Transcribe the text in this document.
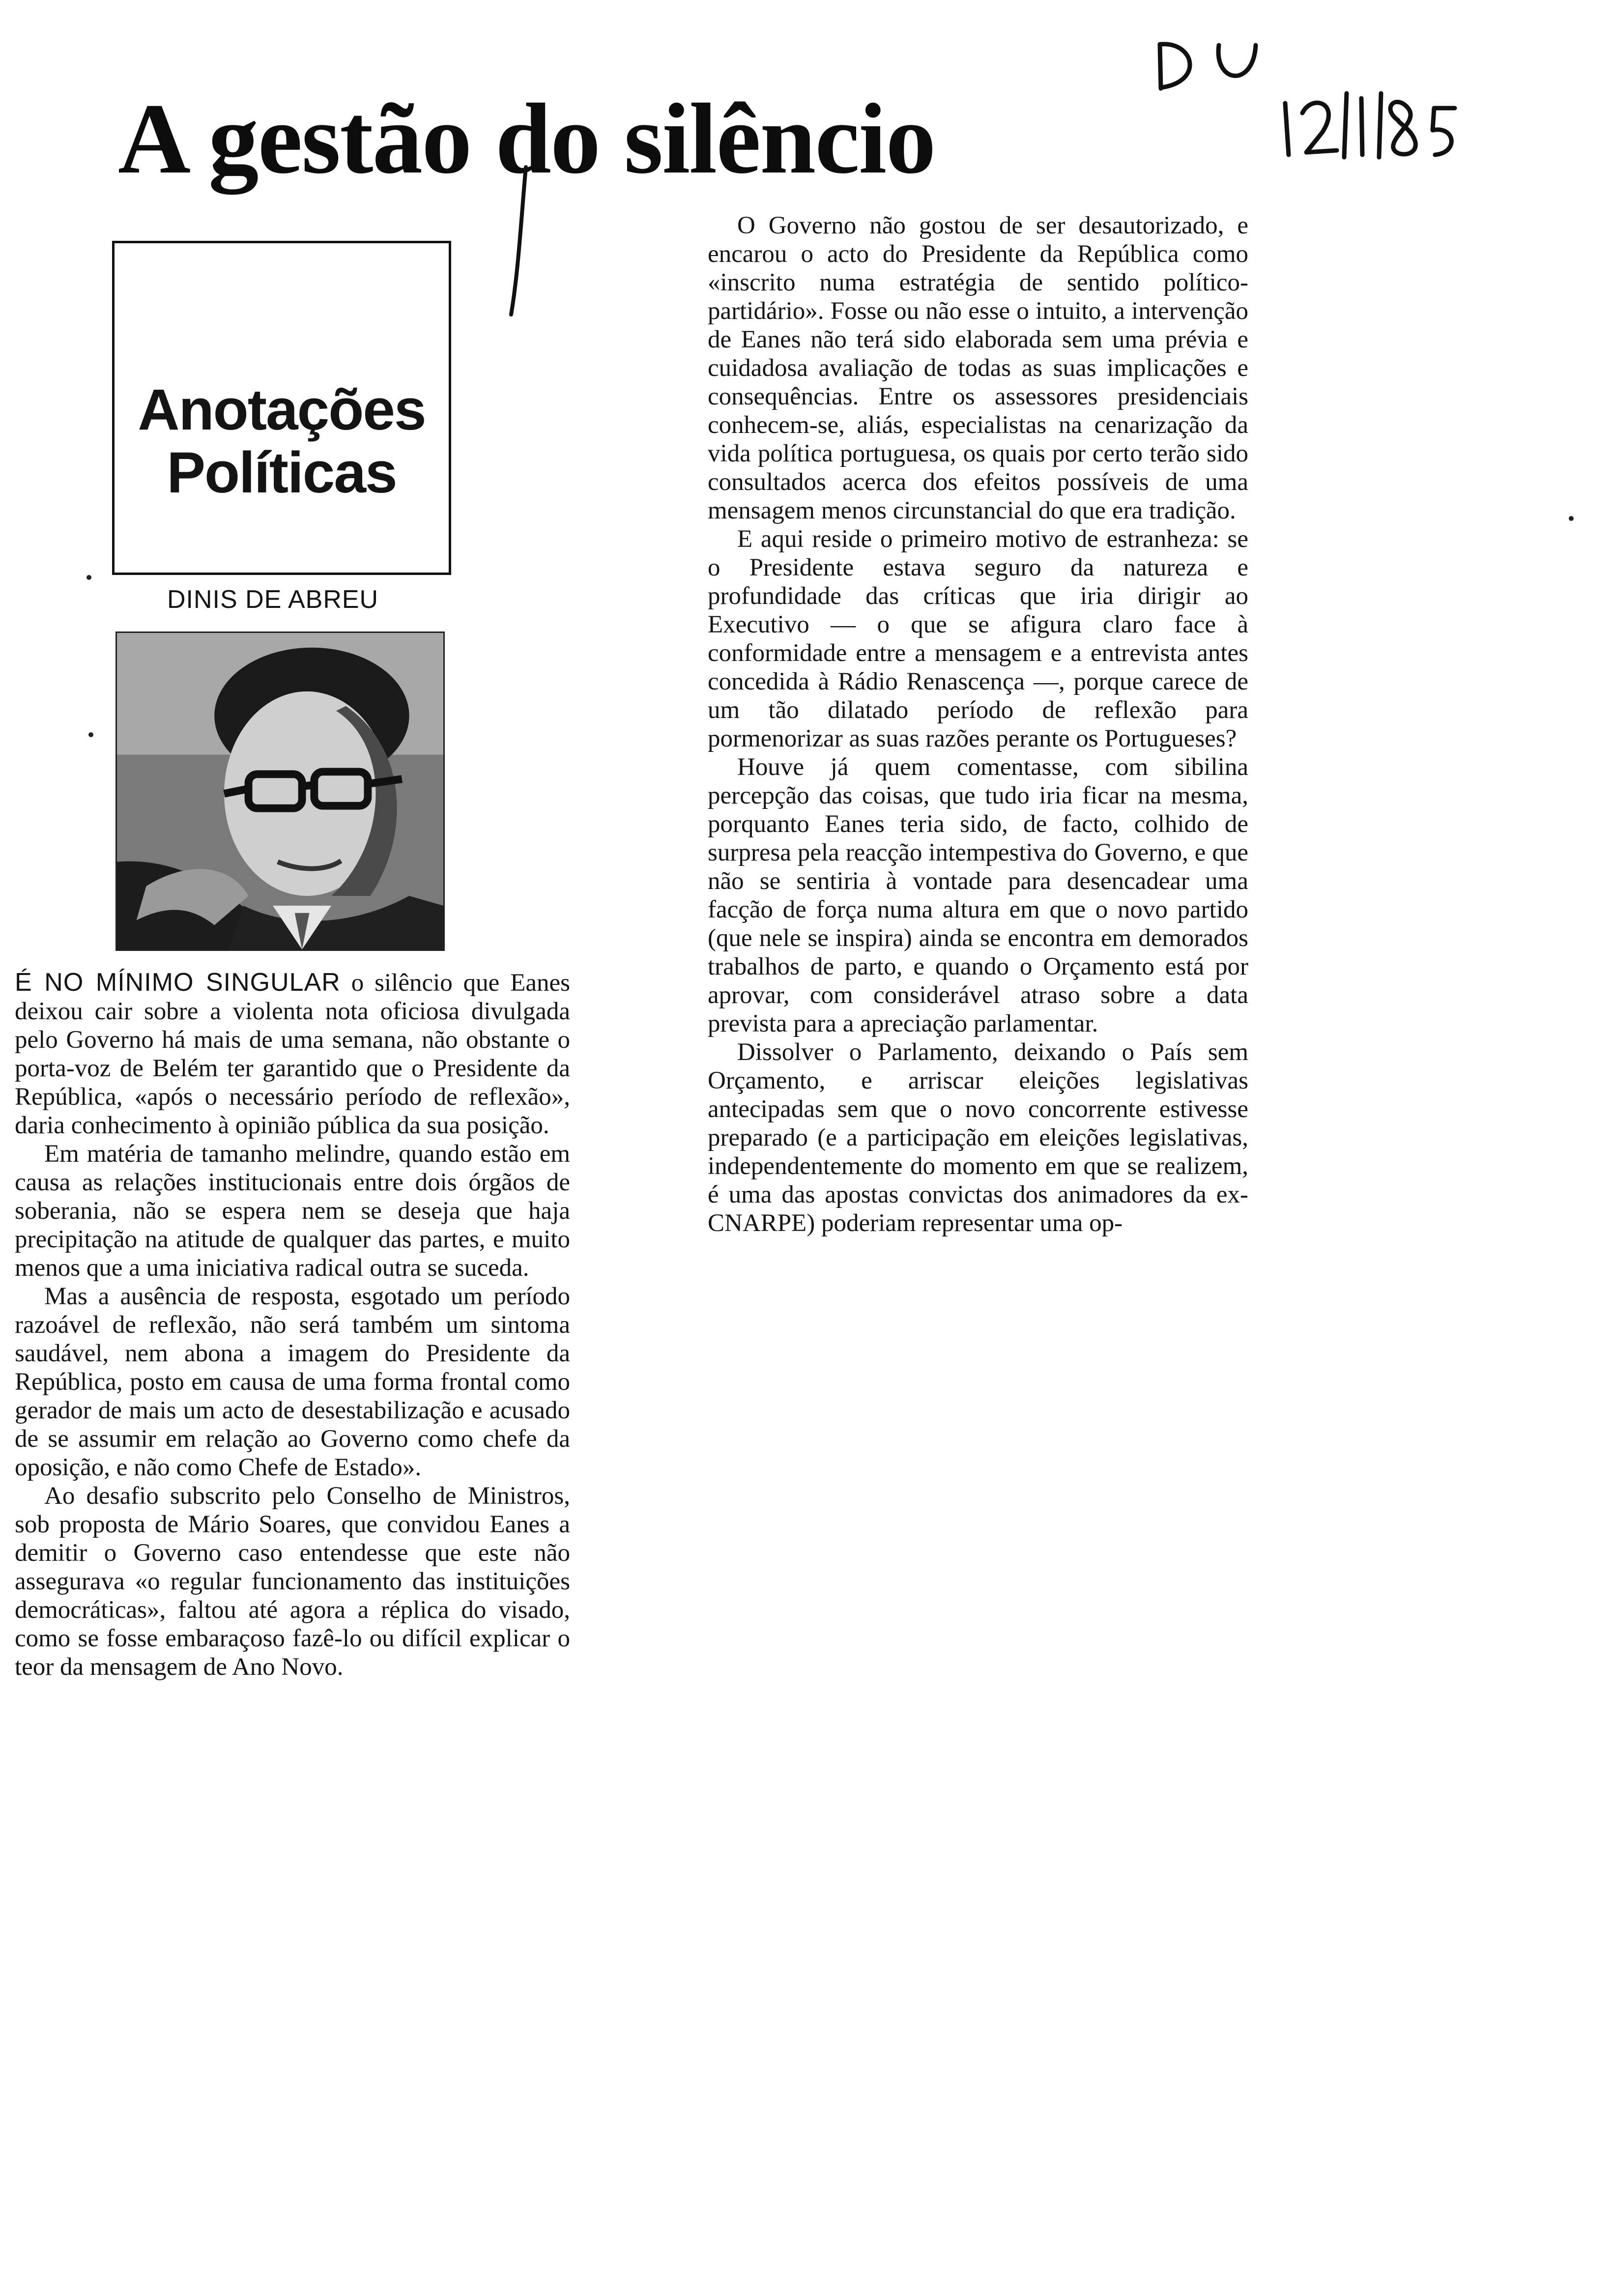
A gestão do silêncio
Anotações
Políticas
DINIS DE ABREU

É NO MÍNIMO SINGULAR o silêncio que Eanes deixou cair sobre a violenta nota oficiosa divulgada pelo Governo há mais de uma semana, não obstante o porta-voz de Belém ter garantido que o Presidente da República, «após o necessário período de reflexão», daria conhecimento à opinião pública da sua posição.

Em matéria de tamanho melindre, quando estão em causa as relações institucionais entre dois órgãos de soberania, não se espera nem se deseja que haja precipitação na atitude de qualquer das partes, e muito menos que a uma iniciativa radical outra se suceda.

Mas a ausência de resposta, esgotado um período razoável de reflexão, não será também um sintoma saudável, nem abona a imagem do Presidente da República, posto em causa de uma forma frontal como gerador de mais um acto de desestabilização e acusado de se assumir em relação ao Governo como chefe da oposição, e não como Chefe de Estado».

Ao desafio subscrito pelo Conselho de Ministros, sob proposta de Mário Soares, que convidou Eanes a demitir o Governo caso entendesse que este não assegurava «o regular funcionamento das instituições democráticas», faltou até agora a réplica do visado, como se fosse embaraçoso fazê-lo ou difícil explicar o teor da mensagem de Ano Novo.

O Governo não gostou de ser desautorizado, e encarou o acto do Presidente da República como «inscrito numa estratégia de sentido político-partidário». Fosse ou não esse o intuito, a intervenção de Eanes não terá sido elaborada sem uma prévia e cuidadosa avaliação de todas as suas implicações e consequências. Entre os assessores presidenciais conhecem-se, aliás, especialistas na cenarização da vida política portuguesa, os quais por certo terão sido consultados acerca dos efeitos possíveis de uma mensagem menos circunstancial do que era tradição.

E aqui reside o primeiro motivo de estranheza: se o Presidente estava seguro da natureza e profundidade das críticas que iria dirigir ao Executivo — o que se afigura claro face à conformidade entre a mensagem e a entrevista antes concedida à Rádio Renascença —, porque carece de um tão dilatado período de reflexão para pormenorizar as suas razões perante os Portugueses?

Houve já quem comentasse, com sibilina percepção das coisas, que tudo iria ficar na mesma, porquanto Eanes teria sido, de facto, colhido de surpresa pela reacção intempestiva do Governo, e que não se sentiria à vontade para desencadear uma facção de força numa altura em que o novo partido (que nele se inspira) ainda se encontra em demorados trabalhos de parto, e quando o Orçamento está por aprovar, com considerável atraso sobre a data prevista para a apreciação parlamentar.

Dissolver o Parlamento, deixando o País sem Orçamento, e arriscar eleições legislativas antecipadas sem que o novo concorrente estivesse preparado (e a participação em eleições legislativas, independentemente do momento em que se realizem, é uma das apostas convictas dos animadores da ex-CNARPE) poderiam representar uma op-
